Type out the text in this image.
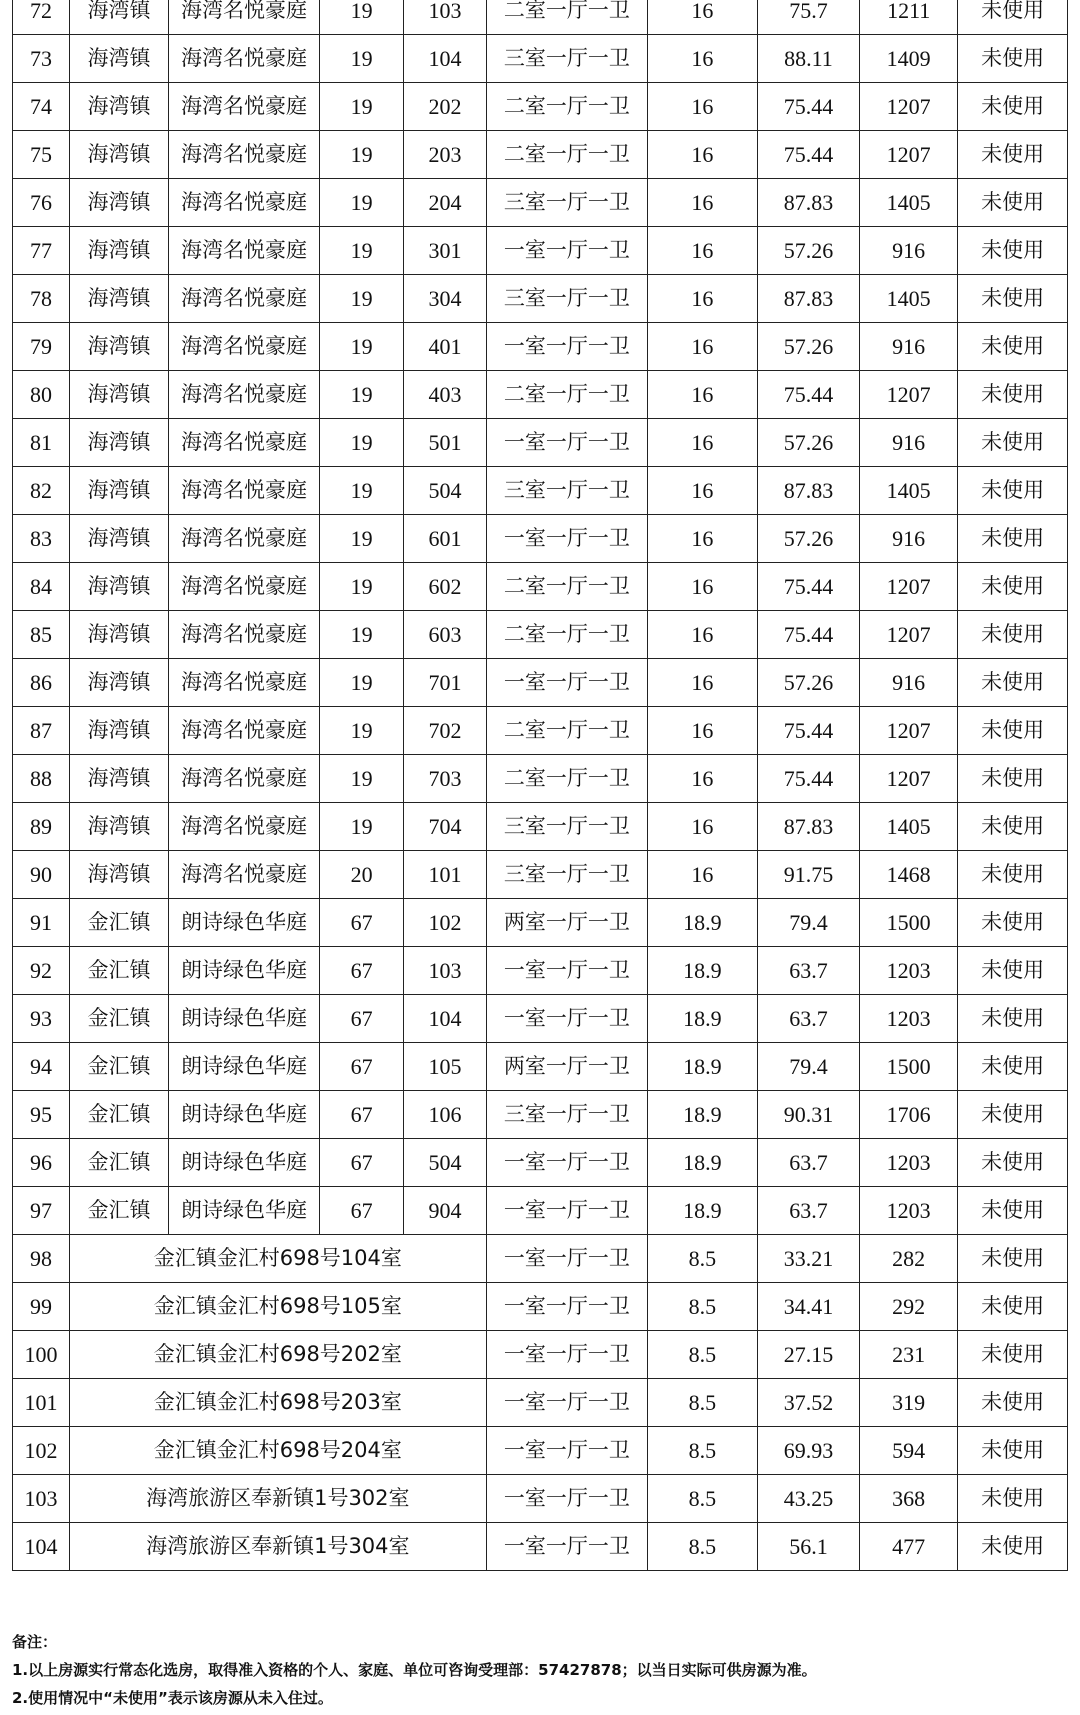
72	海湾镇	海湾名悦豪庭	19	103	二室一厅一卫	16	75.7	1211	未使用
73	海湾镇	海湾名悦豪庭	19	104	三室一厅一卫	16	88.11	1409	未使用
74	海湾镇	海湾名悦豪庭	19	202	二室一厅一卫	16	75.44	1207	未使用
75	海湾镇	海湾名悦豪庭	19	203	二室一厅一卫	16	75.44	1207	未使用
76	海湾镇	海湾名悦豪庭	19	204	三室一厅一卫	16	87.83	1405	未使用
77	海湾镇	海湾名悦豪庭	19	301	一室一厅一卫	16	57.26	916	未使用
78	海湾镇	海湾名悦豪庭	19	304	三室一厅一卫	16	87.83	1405	未使用
79	海湾镇	海湾名悦豪庭	19	401	一室一厅一卫	16	57.26	916	未使用
80	海湾镇	海湾名悦豪庭	19	403	二室一厅一卫	16	75.44	1207	未使用
81	海湾镇	海湾名悦豪庭	19	501	一室一厅一卫	16	57.26	916	未使用
82	海湾镇	海湾名悦豪庭	19	504	三室一厅一卫	16	87.83	1405	未使用
83	海湾镇	海湾名悦豪庭	19	601	一室一厅一卫	16	57.26	916	未使用
84	海湾镇	海湾名悦豪庭	19	602	二室一厅一卫	16	75.44	1207	未使用
85	海湾镇	海湾名悦豪庭	19	603	二室一厅一卫	16	75.44	1207	未使用
86	海湾镇	海湾名悦豪庭	19	701	一室一厅一卫	16	57.26	916	未使用
87	海湾镇	海湾名悦豪庭	19	702	二室一厅一卫	16	75.44	1207	未使用
88	海湾镇	海湾名悦豪庭	19	703	二室一厅一卫	16	75.44	1207	未使用
89	海湾镇	海湾名悦豪庭	19	704	三室一厅一卫	16	87.83	1405	未使用
90	海湾镇	海湾名悦豪庭	20	101	三室一厅一卫	16	91.75	1468	未使用
91	金汇镇	朗诗绿色华庭	67	102	两室一厅一卫	18.9	79.4	1500	未使用
92	金汇镇	朗诗绿色华庭	67	103	一室一厅一卫	18.9	63.7	1203	未使用
93	金汇镇	朗诗绿色华庭	67	104	一室一厅一卫	18.9	63.7	1203	未使用
94	金汇镇	朗诗绿色华庭	67	105	两室一厅一卫	18.9	79.4	1500	未使用
95	金汇镇	朗诗绿色华庭	67	106	三室一厅一卫	18.9	90.31	1706	未使用
96	金汇镇	朗诗绿色华庭	67	504	一室一厅一卫	18.9	63.7	1203	未使用
97	金汇镇	朗诗绿色华庭	67	904	一室一厅一卫	18.9	63.7	1203	未使用
98	金汇镇金汇村698号104室				一室一厅一卫	8.5	33.21	282	未使用
99	金汇镇金汇村698号105室				一室一厅一卫	8.5	34.41	292	未使用
100	金汇镇金汇村698号202室				一室一厅一卫	8.5	27.15	231	未使用
101	金汇镇金汇村698号203室				一室一厅一卫	8.5	37.52	319	未使用
102	金汇镇金汇村698号204室				一室一厅一卫	8.5	69.93	594	未使用
103	海湾旅游区奉新镇1号302室				一室一厅一卫	8.5	43.25	368	未使用
104	海湾旅游区奉新镇1号304室				一室一厅一卫	8.5	56.1	477	未使用
备注：
1.以上房源实行常态化选房，取得准入资格的个人、家庭、单位可咨询受理部：57427878；以当日实际可供房源为准。
2.使用情况中“未使用”表示该房源从未入住过。
